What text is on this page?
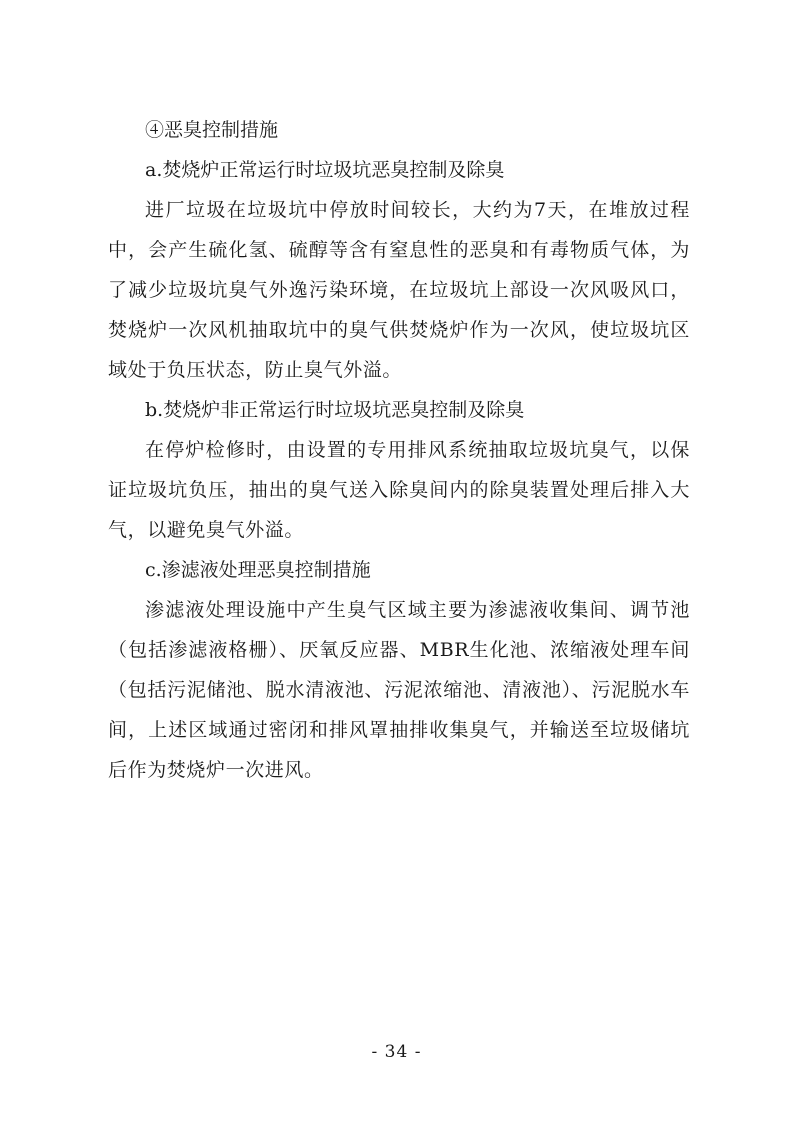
④恶臭控制措施

a.焚烧炉正常运行时垃圾坑恶臭控制及除臭

进厂垃圾在垃圾坑中停放时间较长，大约为7天，在堆放过程中，会产生硫化氢、硫醇等含有窒息性的恶臭和有毒物质气体，为了减少垃圾坑臭气外逸污染环境，在垃圾坑上部设一次风吸风口，焚烧炉一次风机抽取坑中的臭气供焚烧炉作为一次风，使垃圾坑区域处于负压状态，防止臭气外溢。

b.焚烧炉非正常运行时垃圾坑恶臭控制及除臭

在停炉检修时，由设置的专用排风系统抽取垃圾坑臭气，以保证垃圾坑负压，抽出的臭气送入除臭间内的除臭装置处理后排入大气，以避免臭气外溢。

c.渗滤液处理恶臭控制措施

渗滤液处理设施中产生臭气区域主要为渗滤液收集间、调节池（包括渗滤液格栅）、厌氧反应器、MBR生化池、浓缩液处理车间（包括污泥储池、脱水清液池、污泥浓缩池、清液池）、污泥脱水车间，上述区域通过密闭和排风罩抽排收集臭气，并输送至垃圾储坑后作为焚烧炉一次进风。

- 34 -
